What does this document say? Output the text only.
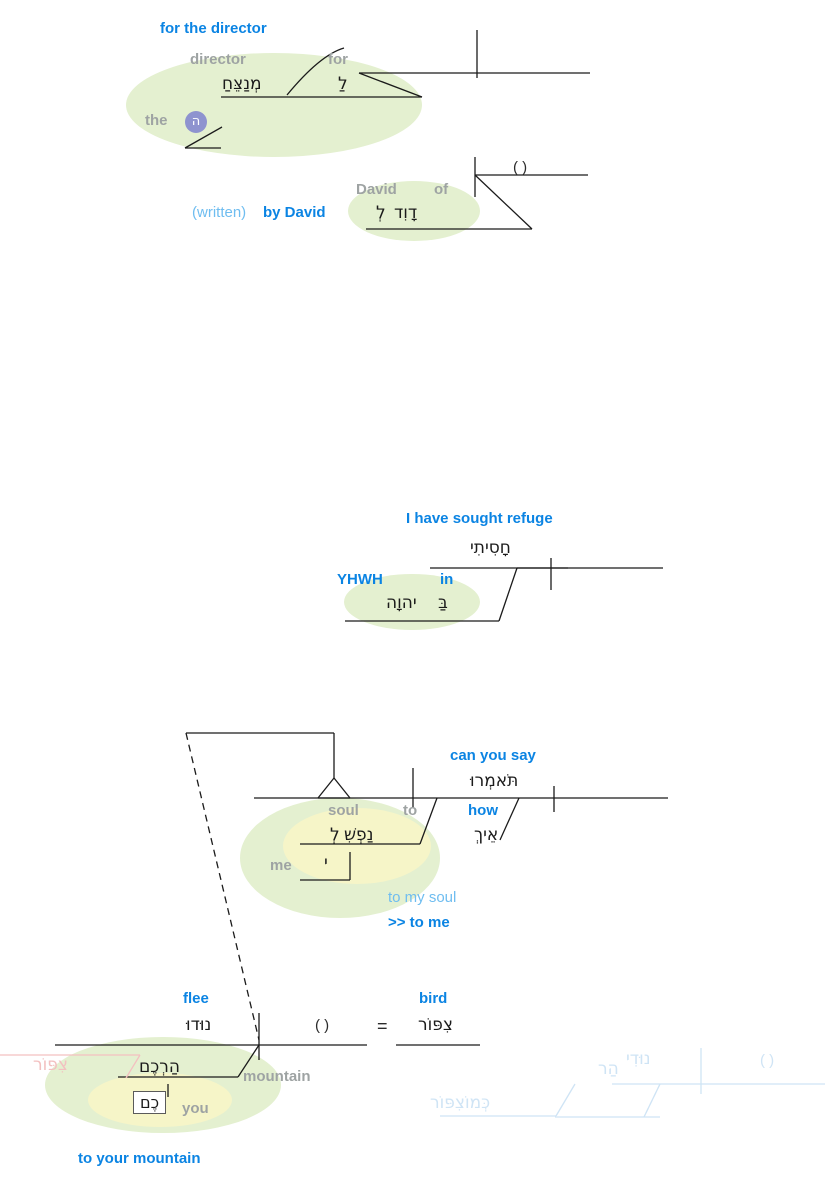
for the director
director
מְנַצֵּחַ
for
לַ
the	ה
(written) by David
( )
David
דָוִד
of
לְ
I have sought refuge
חָסִיתִי
YHWH
יהוָה
in
בַּ
can you say
תֹּאמְרוּ
how
אֵיךְ
soul
נַפְשִׁ
to
לְ
me י
to my soul
>> to me
flee
נוּדוּ	( )	=
bird
צִפּוֹר
mountain
הַרְכֶם
כֶם	you
to your mountain
צִפּוֹר	נוּדִי	( )
כְּמוֹ
צִפּוֹר
הַר
